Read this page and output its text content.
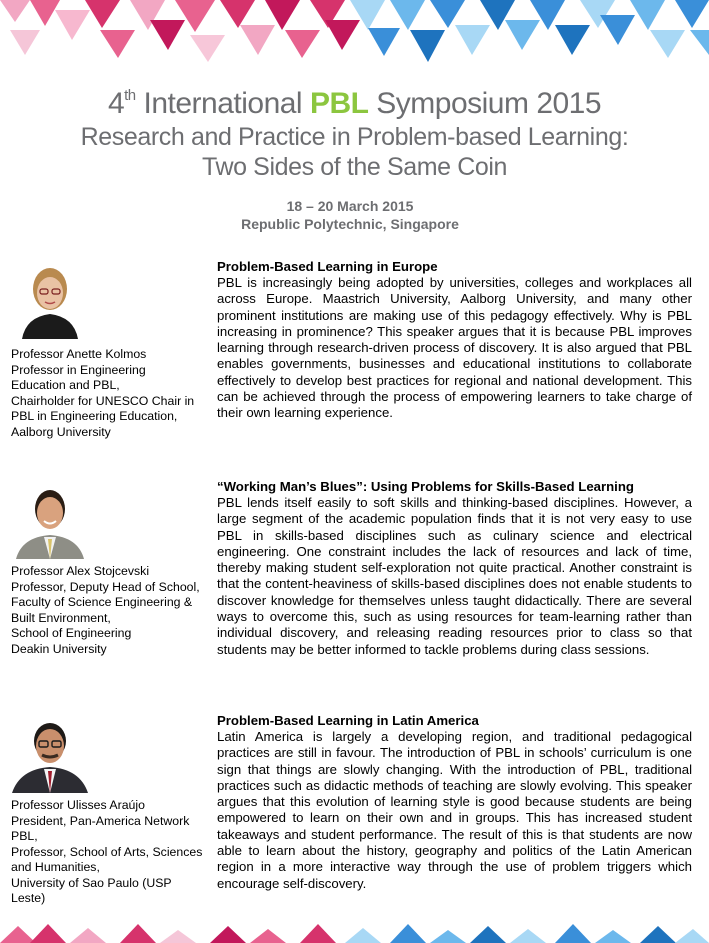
4th International PBL Symposium 2015
Research and Practice in Problem-based Learning:
Two Sides of the Same Coin
18 – 20 March 2015
Republic Polytechnic, Singapore
Professor Anette Kolmos
Professor in Engineering
Education and PBL,
Chairholder for UNESCO Chair in
PBL in Engineering Education,
Aalborg University
Problem-Based Learning in Europe
PBL is increasingly being adopted by universities, colleges and workplaces all across Europe. Maastrich University, Aalborg University, and many other prominent institutions are making use of this pedagogy effectively. Why is PBL increasing in prominence? This speaker argues that it is because PBL improves learning through research-driven process of discovery. It is also argued that PBL enables governments, businesses and educational institutions to collaborate effectively to develop best practices for regional and national development. This can be achieved through the process of empowering learners to take charge of their own learning experience.
Professor Alex Stojcevski
Professor, Deputy Head of School,
Faculty of Science Engineering &
Built Environment,
School of Engineering
Deakin University
“Working Man’s Blues”: Using Problems for Skills-Based Learning
PBL lends itself easily to soft skills and thinking-based disciplines. However, a large segment of the academic population finds that it is not very easy to use PBL in skills-based disciplines such as culinary science and electrical engineering. One constraint includes the lack of resources and lack of time, thereby making student self-exploration not quite practical. Another constraint is that the content-heaviness of skills-based disciplines does not enable students to discover knowledge for themselves unless taught didactically. There are several ways to overcome this, such as using resources for team-learning rather than individual discovery, and releasing reading resources prior to class so that students may be better informed to tackle problems during class sessions.
Professor Ulisses Araújo
President, Pan-America Network
PBL,
Professor, School of Arts, Sciences
and Humanities,
University of Sao Paulo (USP
Leste)
Problem-Based Learning in Latin America
Latin America is largely a developing region, and traditional pedagogical practices are still in favour. The introduction of PBL in schools’ curriculum is one sign that things are slowly changing. With the introduction of PBL, traditional practices such as didactic methods of teaching are slowly evolving. This speaker argues that this evolution of learning style is good because students are being empowered to learn on their own and in groups. This has increased student takeaways and student performance. The result of this is that students are now able to learn about the history, geography and politics of the Latin American region in a more interactive way through the use of problem triggers which encourage self-discovery.
